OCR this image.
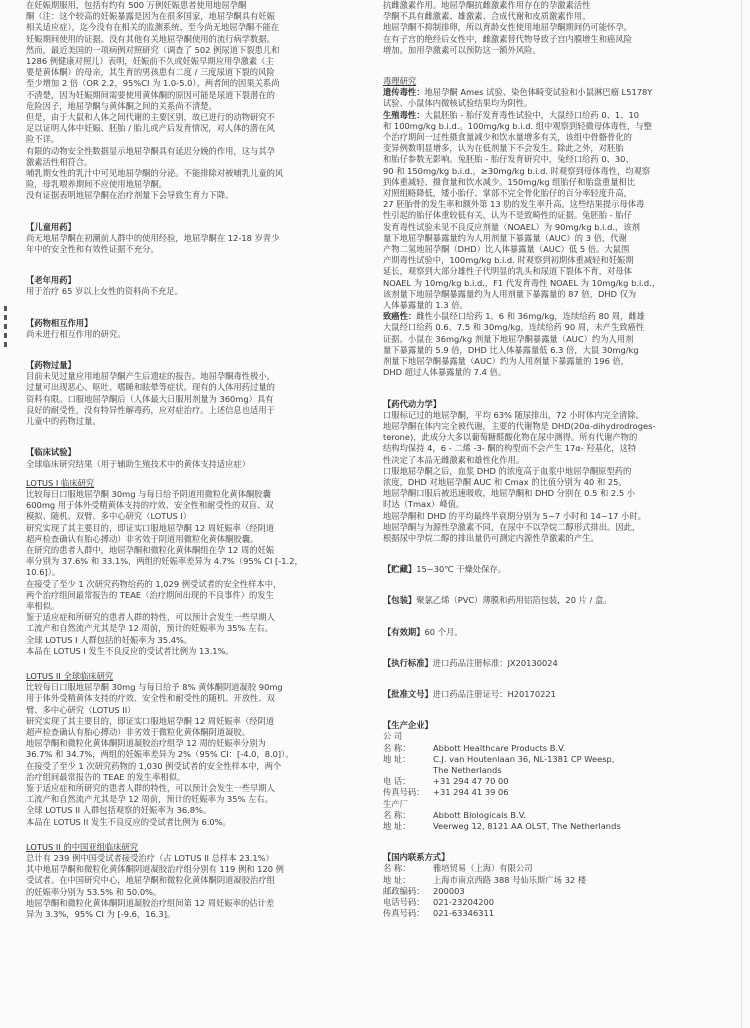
在妊娠期服用，包括有约有 500 万例妊娠患者使用地屈孕酮

酮（注：这个较高的妊娠暴露是因为在很多国家，地屈孕酮具有妊娠

相关适应症），迄今没有在相关的监测系统、至今尚无地屈孕酮不能在

妊娠期间使用的证据。没有其他有关地屈孕酮使用的流行病学数据。

然而，最近美国的一项病例对照研究（调查了 502 例尿道下裂患儿和

1286 例健康对照儿）表明，妊娠前不久或妊娠早期应用孕激素（主

要是黄体酮）的母亲，其生育的男孩患有二度 / 三度尿道下裂的风险

至少增加 2 倍（OR 2.2，95%CI 为 1.0-5.0）。两者间的因果关系尚

不清楚，因为妊娠期间需要使用黄体酮的原因可能是尿道下裂潜在的

危险因子，地屈孕酮与黄体酮之间的关系尚不清楚。

但是，由于大鼠和人体之间代谢的主要区别，故已进行的动物研究不

足以证明人体中妊娠、胚胎 / 胎儿或产后发育情况，对人体的潜在风

险不详。

有限的动物安全性数据显示地屈孕酮具有延迟分娩的作用，这与其孕

激素活性相符合。

哺乳期女性的乳汁中可见地屈孕酮的分泌。不能排除对被哺乳儿童的风

险，母乳喂养期间不应使用地屈孕酮。

没有证据表明地屈孕酮在治疗剂量下会导致生育力下降。

【儿童用药】

尚无地屈孕酮在初潮前人群中的使用经验，地屈孕酮在 12-18 岁青少

年中的安全性和有效性证据不充分。

【老年用药】

用于治疗 65 岁以上女性的资料尚不充足。

【药物相互作用】

尚未进行相互作用的研究。

【药物过量】

目前未见过量应用地屈孕酮产生后遗症的报告。地屈孕酮毒性极小，

过量可出现恶心、呕吐、嗜睡和眩晕等症状。现有的人体用药过量的

资料有限。口服地屈孕酮后（人体最大日服用剂量为 360mg）具有

良好的耐受性，没有特异性解毒药，应对症治疗。上述信息也适用于

儿童中的药物过量。

【临床试验】

全球临床研究结果（用于辅助生殖技术中的黄体支持适应症）

LOTUS I 临床研究

比较每日口服地屈孕酮 30mg 与每日给予阴道用微粒化黄体酮胶囊

600mg 用于体外受精黄体支持的疗效、安全性和耐受性的双盲、双

模拟、随机、双臂、多中心研究（LOTUS I）

研究实现了其主要目的，即证实口服地屈孕酮 12 周妊娠率（经阴道

超声检查确认有胎心搏动）非劣效于阴道用微粒化黄体酮胶囊。

在研究的患者人群中，地屈孕酮和微粒化黄体酮组在孕 12 周的妊娠

率分别为 37.6% 和 33.1%，两组的妊娠率差异为 4.7%（95% CI [-1.2，

10.6]）。

在接受了至少 1 次研究药物给药的 1,029 例受试者的安全性样本中，

两个治疗组间最常报告的 TEAE（治疗期间出现的不良事件）的发生

率相似。

鉴于适应症和所研究的患者人群的特性，可以预计会发生一些早期人

工流产和自然流产尤其是孕 12 周前，预计的妊娠率为 35% 左右。

全球 LOTUS I 人群包括的妊娠率为 35.4%。

本品在 LOTUS I 发生不良反应的受试者比例为 13.1%。

LOTUS II 全球临床研究

比较每日口服地屈孕酮 30mg 与每日给予 8% 黄体酮阴道凝胶 90mg

用于体外受精黄体支持的疗效、安全性和耐受性的随机、开放性、双

臂、多中心研究（LOTUS II）

研究实现了其主要目的，即证实口服地屈孕酮 12 周妊娠率（经阴道

超声检查确认有胎心搏动）非劣效于微粒化黄体酮阴道凝胶。

地屈孕酮和微粒化黄体酮阴道凝胶治疗组孕 12 周的妊娠率分别为

36.7% 和 34.7%，两组的妊娠率差异为 2%（95% CI：[-4.0，8.0]）。

在接受了至少 1 次研究药物的 1,030 例受试者的安全性样本中，两个

治疗组间最常报告的 TEAE 的发生率相似。

鉴于适应症和所研究的患者人群的特性，可以预计会发生一些早期人

工流产和自然流产尤其是孕 12 周前，预计的妊娠率为 35% 左右。

全球 LOTUS II 人群包括观察的妊娠率为 36.8%。

本品在 LOTUS II 发生不良反应的受试者比例为 6.0%。

LOTUS II 的中国亚组临床研究

总计有 239 例中国受试者接受治疗（占 LOTUS II 总样本 23.1%）

其中地屈孕酮和微粒化黄体酮阴道凝胶治疗组分别有 119 例和 120 例

受试者。在中国研究中心，地屈孕酮和微粒化黄体酮阴道凝胶治疗组

的妊娠率分别为 53.5% 和 50.0%。

地屈孕酮和微粒化黄体酮阴道凝胶治疗组间第 12 周妊娠率的估计差

异为 3.3%，95% CI 为 [-9.6，16.3]。

抗雌激素作用。地屈孕酮抗雌激素作用存在的孕激素活性

孕酮不具有雌激素、雄激素、合成代谢和皮质激素作用。

地屈孕酮不抑制排卵，所以育龄女性使用地屈孕酮期间仍可能怀孕。

在有子宫的绝经后女性中，雌激素替代物导致子宫内膜增生和癌风险

增加。加用孕激素可以预防这一额外风险。

毒理研究

遗传毒性：地屈孕酮 Ames 试验、染色体畸变试验和小鼠淋巴瘤 L5178Y

试验、小鼠体内微核试验结果均为阴性。

生殖毒性：大鼠胚胎 - 胎仔发育毒性试验中，大鼠经口给药 0、1、10

和 100mg/kg b.i.d.。100mg/kg b.i.d. 组中观察到轻微母体毒性，与整

个治疗期间一过性摄食量减少和饮水量增多有关，该组中骨骼骨化的

变异例数明显增多，认为在低剂量下不会发生。除此之外，对胚胎

和胎仔参数无影响。兔胚胎 - 胎仔发育研究中，兔经口给药 0、30、

90 和 150mg/kg b.i.d.，≥30mg/kg b.i.d. 时观察到母体毒性，均观察

到体重减轻、摄食量和饮水减少。150mg/kg 组胎仔和胎盘重量相比

对照组略降低，矮小胎仔、掌部不完全骨化胎仔的百分率轻度升高，

27 胚胎骨的发生率和额外第 13 肋的发生率升高。这些结果提示母体毒

性引起的胎仔体重较低有关，认为不是致畸性的证据。兔胚胎 - 胎仔

发育毒性试验未见不良反应剂量（NOAEL）为 90mg/kg b.i.d.，该剂

量下地屈孕酮暴露量约为人用剂量下暴露量（AUC）的 3 倍，代谢

产物二氢地屈孕酮（DHD）比人体暴露量（AUC）低 5 倍。大鼠围

产期毒性试验中，100mg/kg b.i.d. 时观察到初期体重减轻和妊娠期

延长，观察到大部分雄性子代明显的乳头和尿道下裂体不育，对母体

NOAEL 为 10mg/kg b.i.d.，F1 代发育毒性 NOAEL 为 10mg/kg b.i.d.，

该剂量下地屈孕酮暴露量约为人用剂量下暴露量的 87 倍，DHD 仅为

人体暴露量的 1.3 倍。

致癌性：雌性小鼠经口给药 1、6 和 36mg/kg，连续给药 80 周，雌雄

大鼠经口给药 0.6、7.5 和 30mg/kg，连续给药 90 周，未产生致癌性

证据。小鼠在 36mg/kg 剂量下地屈孕酮暴露量（AUC）约为人用剂

量下暴露量的 5.9 倍，DHD 比人体暴露量低 6.3 倍，大鼠 30mg/kg

剂量下地屈孕酮暴露量（AUC）约为人用剂量下暴露量的 196 倍，

DHD 超过人体暴露量的 7.4 倍。

【药代动力学】

口服标记过的地屈孕酮，平均 63% 随尿排出，72 小时体内完全清除。

地屈孕酮在体内完全被代谢，主要的代谢物是 DHD(20α-dihydrodroges-

terone)，此成分大多以葡萄糖醛酸化物在尿中测得。所有代谢产物的

结构均保持 4，6 - 二烯 -3- 酮的构型而不会产生 17α- 羟基化，这特

性决定了本品无雌激素和雄性化作用。

口服地屈孕酮之后，血浆 DHD 的浓度高于血浆中地屈孕酮原型药的

浓度，DHD 对地屈孕酮 AUC 和 Cmax 的比值分别为 40 和 25。

地屈孕酮口服后被迅速吸收，地屈孕酮和 DHD 分别在 0.5 和 2.5 小

时达（Tmax）峰值。

地屈孕酮和 DHD 的平均最终半衰期分别为 5~7 小时和 14~17 小时。

地屈孕酮与为源性孕激素不同，在尿中不以孕烷二醇形式排出。因此，

根据尿中孕烷二醇的排出量仍可测定内源性孕激素的产生。

【贮藏】15~30℃ 干燥处保存。

【包装】聚氯乙烯（PVC）薄膜和药用铝箔包装，20 片 / 盒。

【有效期】60 个月。

【执行标准】进口药品注册标准：JX20130024

【批准文号】进口药品注册证号：H20170221

【生产企业】

公 司

名 称：	Abbott Healthcare Products B.V.
地 址：	C.J. van Houtenlaan 36, NL-1381 CP Weesp,
The Netherlands
电 话：	+31 294 47 70 00
传真号码：	+31 294 41 39 06

生产厂

名 称：	Abbott Biologicals B.V.
地 址：	Veerweg 12, 8121 AA OLST, The Netherlands

【国内联系方式】

名 称：	雅培贸易（上海）有限公司
地 址：	上海市南京西路 388 号仙乐斯广场 32 楼
邮政编码：	200003
电话号码：	021-23204200
传真号码：	021-63346311
